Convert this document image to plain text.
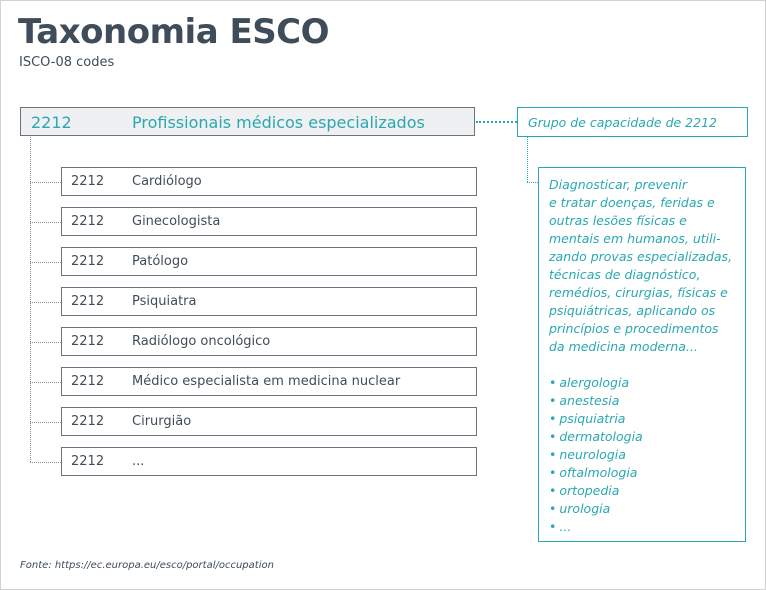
Taxonomia ESCO
ISCO-08 codes
2212	Profissionais médicos especializados
2212 Cardiólogo
2212 Ginecologista
2212 Patólogo
2212 Psiquiatra
2212 Radiólogo oncológico
2212 Médico especialista em medicina nuclear
2212 Cirurgião
2212 ...
Grupo de capacidade de 2212
Diagnosticar, prevenir
e tratar doenças, feridas e
outras lesões físicas e
mentais em humanos, utili-
zando provas especializadas,
técnicas de diagnóstico,
remédios, cirurgias, físicas e
psiquiátricas, aplicando os
princípios e procedimentos
da medicina moderna...
• alergologia
• anestesia
• psiquiatria
• dermatologia
• neurologia
• oftalmologia
• ortopedia
• urologia
• ...
Fonte: https://ec.europa.eu/esco/portal/occupation
